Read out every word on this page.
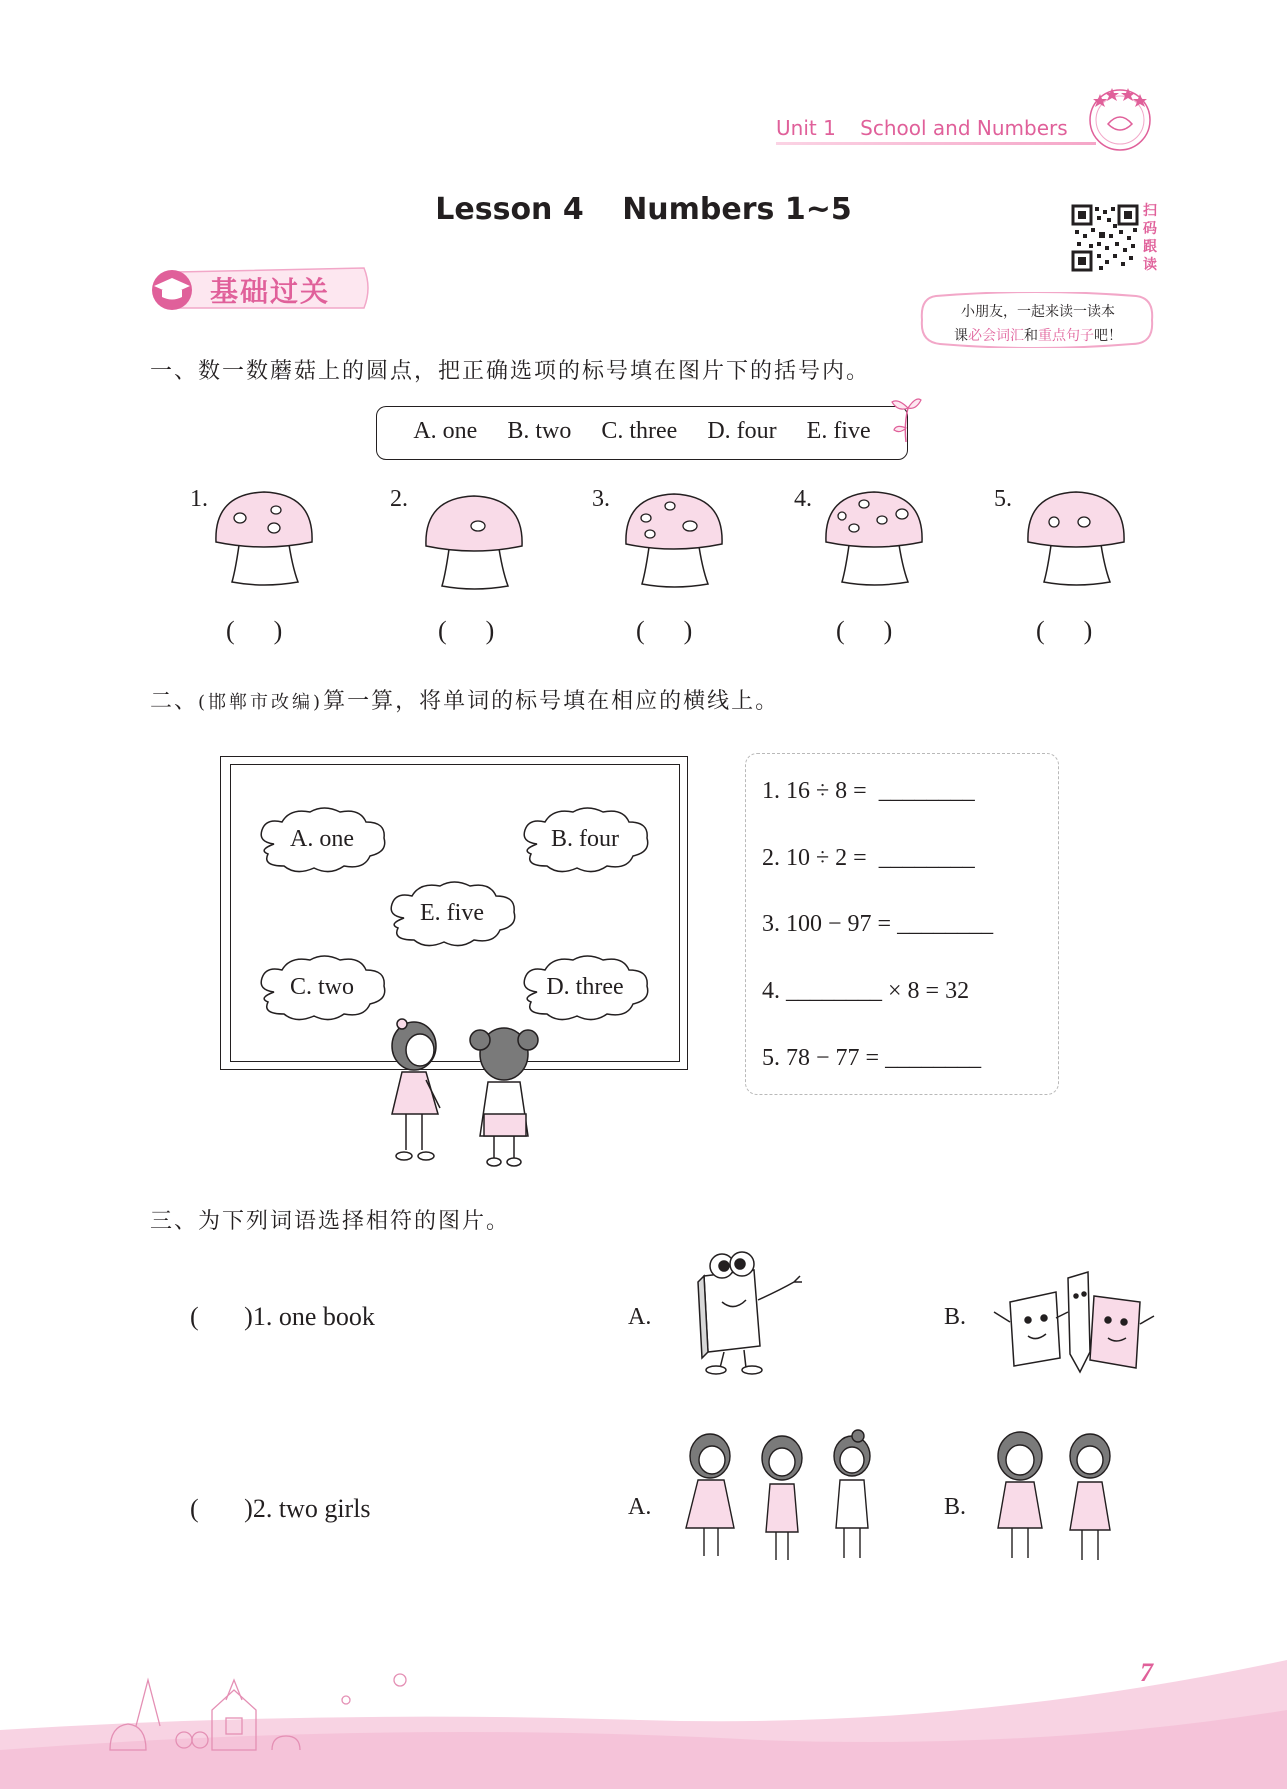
Unit 1 School and Numbers
Lesson 4 Numbers 1~5	扫码跟读
小朋友，一起来读一读本
课必会词汇和重点句子吧！
基础过关
一、数一数蘑菇上的圆点，把正确选项的标号填在图片下的括号内。
A. one B. two C. three D. four E. five
1.
(      )
2.
(      )
3.
(      )
4.
(      )
5.
(      )
二、(邯郸市改编)算一算，将单词的标号填在相应的横线上。
A. one	B. four
E. five
C. two	D. three
1. 16 ÷ 8 =  ________
2. 10 ÷ 2 =  ________
3. 100 − 97 = ________
4. ________ × 8 = 32
5. 78 − 77 = ________
三、为下列词语选择相符的图片。
(       )1. one book	A.	B.
(       )2. two girls	A.	B.
7
